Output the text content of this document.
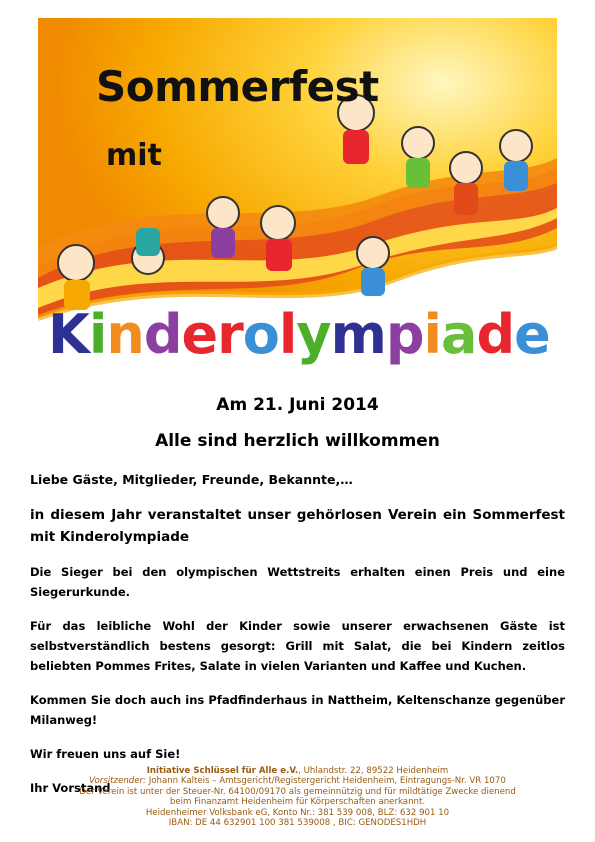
Sommerfest
mit
Kinderolympiade
Am 21. Juni 2014
Alle sind herzlich willkommen

Liebe Gäste, Mitglieder, Freunde, Bekannte,…

in diesem Jahr veranstaltet unser gehörlosen Verein ein Sommerfest mit Kinderolympiade

Die Sieger bei den olympischen Wettstreits erhalten einen Preis und eine Siegerurkunde.

Für das leibliche Wohl der Kinder sowie unserer erwachsenen Gäste ist selbstverständlich bestens gesorgt: Grill mit Salat, die bei Kindern zeitlos beliebten Pommes Frites, Salate in vielen Varianten und Kaffee und Kuchen.

Kommen Sie doch auch ins Pfadfinderhaus in Nattheim, Keltenschanze gegenüber Milanweg!

Wir freuen uns auf Sie!

Ihr Vorstand

Initiative Schlüssel für Alle e.V., Uhlandstr. 22, 89522 Heidenheim
Vorsitzender: Johann Kalteis – Amtsgericht/Registergericht Heidenheim, Eintragungs-Nr. VR 1070
Der Verein ist unter der Steuer-Nr. 64100/09170 als gemeinnützig und für mildtätige Zwecke dienend
beim Finanzamt Heidenheim für Körperschaften anerkannt.
Heidenheimer Volksbank eG, Konto Nr.: 381 539 008, BLZ: 632 901 10
IBAN: DE 44 632901 100 381 539008 , BIC: GENODES1HDH
